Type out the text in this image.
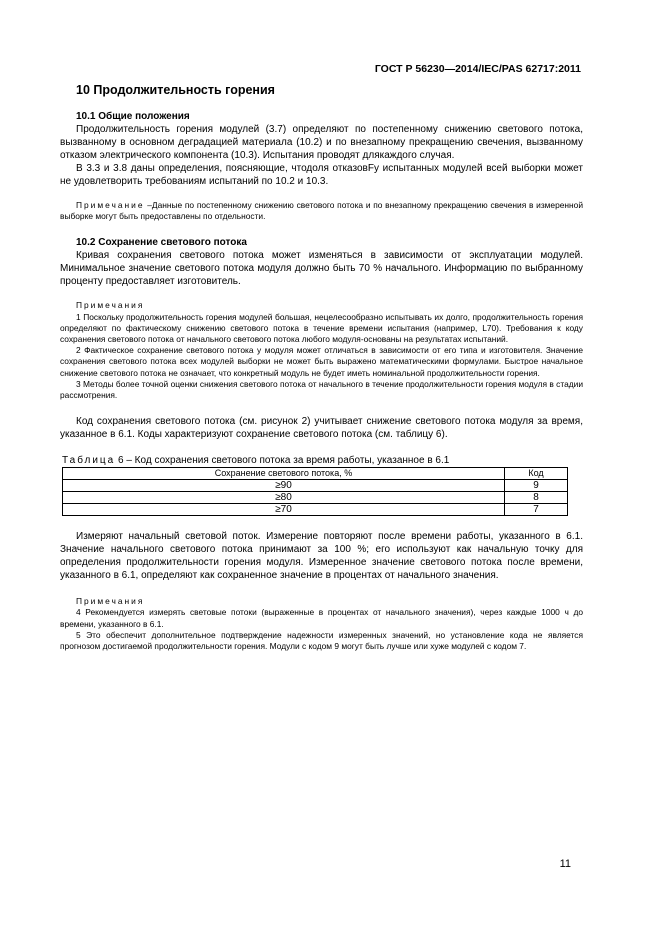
ГОСТ Р 56230—2014/IEC/PAS 62717:2011
10 Продолжительность горения
10.1 Общие положения

Продолжительность горения модулей (3.7) определяют по постепенному снижению светового потока, вызванному в основном деградацией материала (10.2) и по внезапному прекращению свечения, вызванному отказом электрического компонента (10.3). Испытания проводят длякаждого случая.

В 3.3 и 3.8 даны определения, поясняющие, чтодоля отказовFу испытанных модулей всей выборки может не удовлетворить требованиям испытаний по 10.2 и 10.3.

Примечание –Данные по постепенному снижению светового потока и по внезапному прекращению свечения в измеренной выборке могут быть предоставлены по отдельности.

10.2 Сохранение светового потока

Кривая сохранения светового потока может изменяться в зависимости от эксплуатации модулей. Минимальное значение светового потока модуля должно быть 70 % начального. Информацию по выбранному проценту предоставляет изготовитель.

Примечания

1 Поскольку продолжительность горения модулей большая, нецелесообразно испытывать их долго, продолжительность горения определяют по фактическому снижению светового потока в течение времени испытания (например, L70). Требования к коду сохранения светового потока от начального светового потока любого модуля-основаны на результатах испытаний.

2 Фактическое сохранение светового потока у модуля может отличаться в зависимости от его типа и изготовителя. Значение сохранения светового потока всех модулей выборки не может быть выражено математическими формулами. Быстрое начальное снижение светового потока не означает, что конкретный модуль не будет иметь номинальной продолжительности горения.

3 Методы более точной оценки снижения светового потока от начального в течение продолжительности горения модуля в стадии рассмотрения.

Код сохранения светового потока (см. рисунок 2) учитывает снижение светового потока модуля за время, указанное в 6.1. Коды характеризуют сохранение светового потока (см. таблицу 6).

Таблица 6 – Код сохранения светового потока за время работы, указанное в 6.1

Сохранение светового потока, %	Код
≥90	9
≥80	8
≥70	7

Измеряют начальный световой поток. Измерение повторяют после времени работы, указанного в 6.1. Значение начального светового потока принимают за 100 %; его используют как начальную точку для определения продолжительности горения модуля. Измеренное значение светового потока после времени, указанного в 6.1, определяют как сохраненное значение в процентах от начального значения.

Примечания

4 Рекомендуется измерять световые потоки (выраженные в процентах от начального значения), через каждые 1000 ч до времени, указанного в 6.1.

5 Это обеспечит дополнительное подтверждение надежности измеренных значений, но установление кода не является прогнозом достигаемой продолжительности горения. Модули с кодом 9 могут быть лучше или хуже модулей с кодом 7.

11
